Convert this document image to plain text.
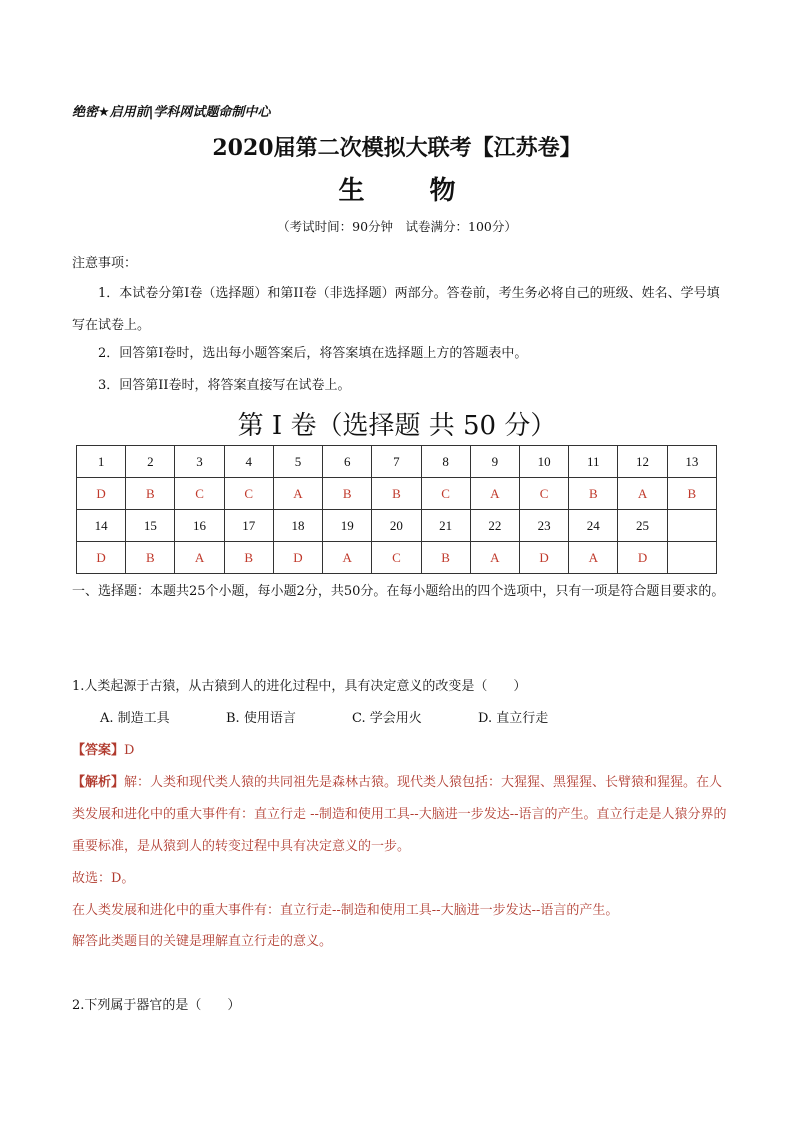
绝密★启用前|学科网试题命制中心
2020届第二次模拟大联考【江苏卷】
生 物
（考试时间：90分钟　试卷满分：100分）
注意事项：
1．本试卷分第I卷（选择题）和第II卷（非选择题）两部分。答卷前，考生务必将自己的班级、姓名、学号填写在试卷上。
2．回答第I卷时，选出每小题答案后，将答案填在选择题上方的答题表中。
3．回答第II卷时，将答案直接写在试卷上。
第 I 卷（选择题 共 50 分）
1	2	3	4	5	6	7	8	9	10	11	12	13
D	B	C	C	A	B	B	C	A	C	B	A	B
14	15	16	17	18	19	20	21	22	23	24	25	
D	B	A	B	D	A	C	B	A	D	A	D	
一、选择题：本题共25个小题，每小题2分，共50分。在每小题给出的四个选项中，只有一项是符合题目要求的。
1.人类起源于古猿，从古猿到人的进化过程中，具有决定意义的改变是（　　）
A. 制造工具	B. 使用语言	C. 学会用火	D. 直立行走
【答案】D
【解析】解：人类和现代类人猿的共同祖先是森林古猿。现代类人猿包括：大猩猩、黑猩猩、长臂猿和猩猩。在人类发展和进化中的重大事件有：直立行走 --制造和使用工具--大脑进一步发达--语言的产生。直立行走是人猿分界的重要标准，是从猿到人的转变过程中具有决定意义的一步。
故选：D。
在人类发展和进化中的重大事件有：直立行走--制造和使用工具--大脑进一步发达--语言的产生。
解答此类题目的关键是理解直立行走的意义。
2.下列属于器官的是（　　）
